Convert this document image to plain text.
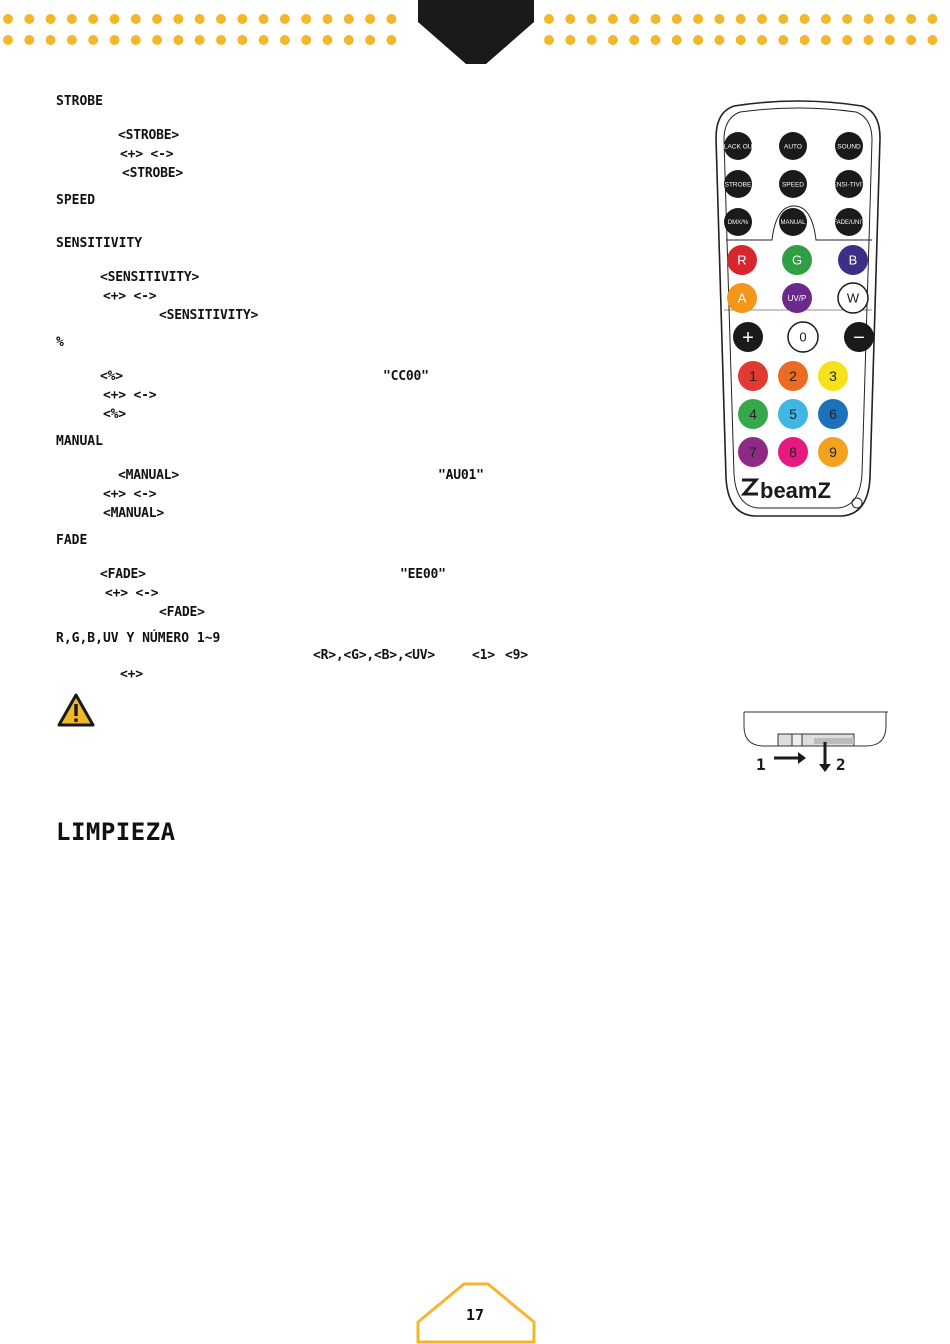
STROBE
<STROBE>
<+> <->
<STROBE>
SPEED
SENSITIVITY
<SENSITIVITY>
<+> <->
<SENSITIVITY>
%
<%>	"CC00"
<+> <->
<%>
MANUAL
<MANUAL>	"AU01"
<+> <->
<MANUAL>
FADE
<FADE>	"EE00"
<+> <->
<FADE>
R,G,B,UV Y NÚMERO 1~9
<R>,<G>,<B>,<UV>	<1> <9>
<+>
LIMPIEZA
BLACK OUT	AUTO	SOUND
STROBE	SPEED	SENSI-TIVITY
DMX/%	MANUAL	FADE/UNIT
R	G	B
A	UV/P	W
+	0 −
1 2 3
4 5 6
7 8 9
beamZ
1	2
17
